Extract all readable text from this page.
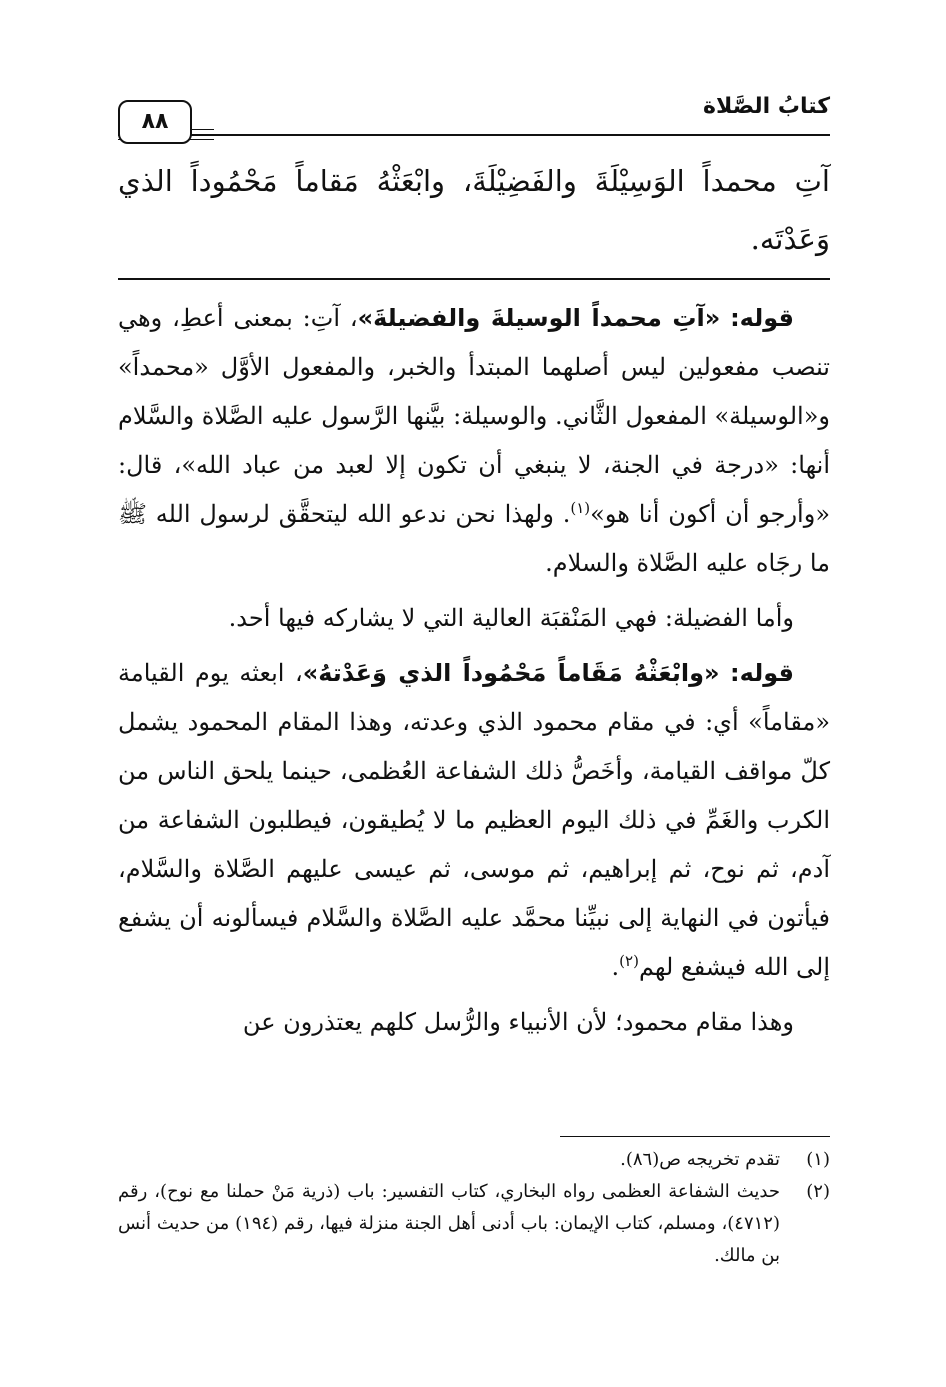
٨٨
كتابُ الصَّلاة
آتِ محمداً الوَسِيْلَةَ والفَضِيْلَةَ، وابْعَثْهُ مَقاماً مَحْمُوداً الذي وَعَدْتَه.

قوله: «آتِ محمداً الوسيلةَ والفضيلةَ»، آتِ: بمعنى أعطِ، وهي تنصب مفعولين ليس أصلهما المبتدأ والخبر، والمفعول الأوَّل «محمداً» و«الوسيلة» المفعول الثَّاني. والوسيلة: بيَّنها الرَّسول عليه الصَّلاة والسَّلام أنها: «درجة في الجنة، لا ينبغي أن تكون إلا لعبد من عباد الله»، قال: «وأرجو أن أكون أنا هو»$^{(١)}$. ولهذا نحن ندعو الله ليتحقَّق لرسول الله ﷺ ما رجَاه عليه الصَّلاة والسلام.

وأما الفضيلة: فهي المَنْقبَة العالية التي لا يشاركه فيها أحد.

قوله: «وابْعَثْهُ مَقَاماً مَحْمُوداً الذي وَعَدْتهُ»، ابعثه يوم القيامة «مقاماً» أي: في مقام محمود الذي وعدته، وهذا المقام المحمود يشمل كلّ مواقف القيامة، وأخَصُّ ذلك الشفاعة العُظمى، حينما يلحق الناس من الكرب والغَمِّ في ذلك اليوم العظيم ما لا يُطيقون، فيطلبون الشفاعة من آدم، ثم نوح، ثم إبراهيم، ثم موسى، ثم عيسى عليهم الصَّلاة والسَّلام، فيأتون في النهاية إلى نبيِّنا محمَّد عليه الصَّلاة والسَّلام فيسألونه أن يشفع إلى الله فيشفع لهم$^{(٢)}$.

وهذا مقام محمود؛ لأن الأنبياء والرُّسل كلهم يعتذرون عن

(١)
تقدم تخريجه ص(٨٦).
(٢)
حديث الشفاعة العظمى رواه البخاري، كتاب التفسير: باب (ذرية مَنْ حملنا مع نوح)، رقم (٤٧١٢)، ومسلم، كتاب الإيمان: باب أدنى أهل الجنة منزلة فيها، رقم (١٩٤) من حديث أنس بن مالك.
